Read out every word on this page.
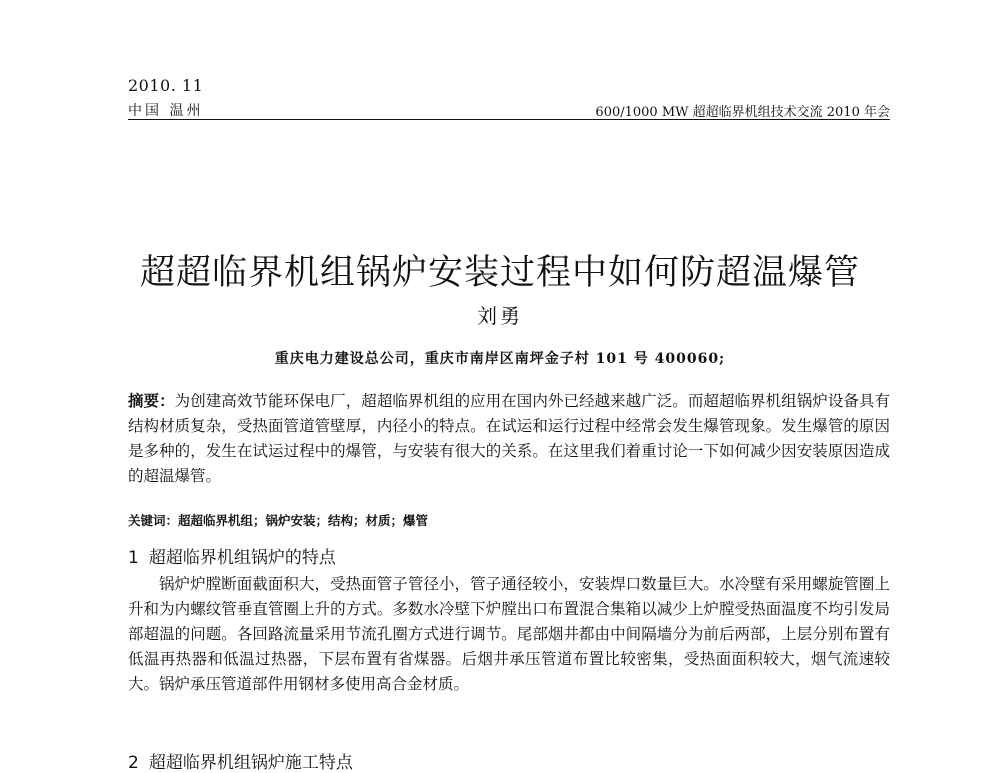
2010. 11
中国 温州	600/1000 MW 超超临界机组技术交流 2010 年会
超超临界机组锅炉安装过程中如何防超温爆管
刘勇
重庆电力建设总公司，重庆市南岸区南坪金子村 101 号 400060;

摘要：为创建高效节能环保电厂，超超临界机组的应用在国内外已经越来越广泛。而超超临界机组锅炉设备具有结构材质复杂，受热面管道管壁厚，内径小的特点。在试运和运行过程中经常会发生爆管现象。发生爆管的原因是多种的，发生在试运过程中的爆管，与安装有很大的关系。在这里我们着重讨论一下如何减少因安装原因造成的超温爆管。

关键词：超超临界机组；锅炉安装；结构；材质；爆管
1 超超临界机组锅炉的特点

锅炉炉膛断面截面积大，受热面管子管径小，管子通径较小，安装焊口数量巨大。水冷壁有采用螺旋管圈上升和为内螺纹管垂直管圈上升的方式。多数水冷壁下炉膛出口布置混合集箱以减少上炉膛受热面温度不均引发局部超温的问题。各回路流量采用节流孔圈方式进行调节。尾部烟井都由中间隔墙分为前后两部，上层分别布置有低温再热器和低温过热器，下层布置有省煤器。后烟井承压管道布置比较密集，受热面面积较大，烟气流速较大。锅炉承压管道部件用钢材多使用高合金材质。

2 超超临界机组锅炉施工特点
